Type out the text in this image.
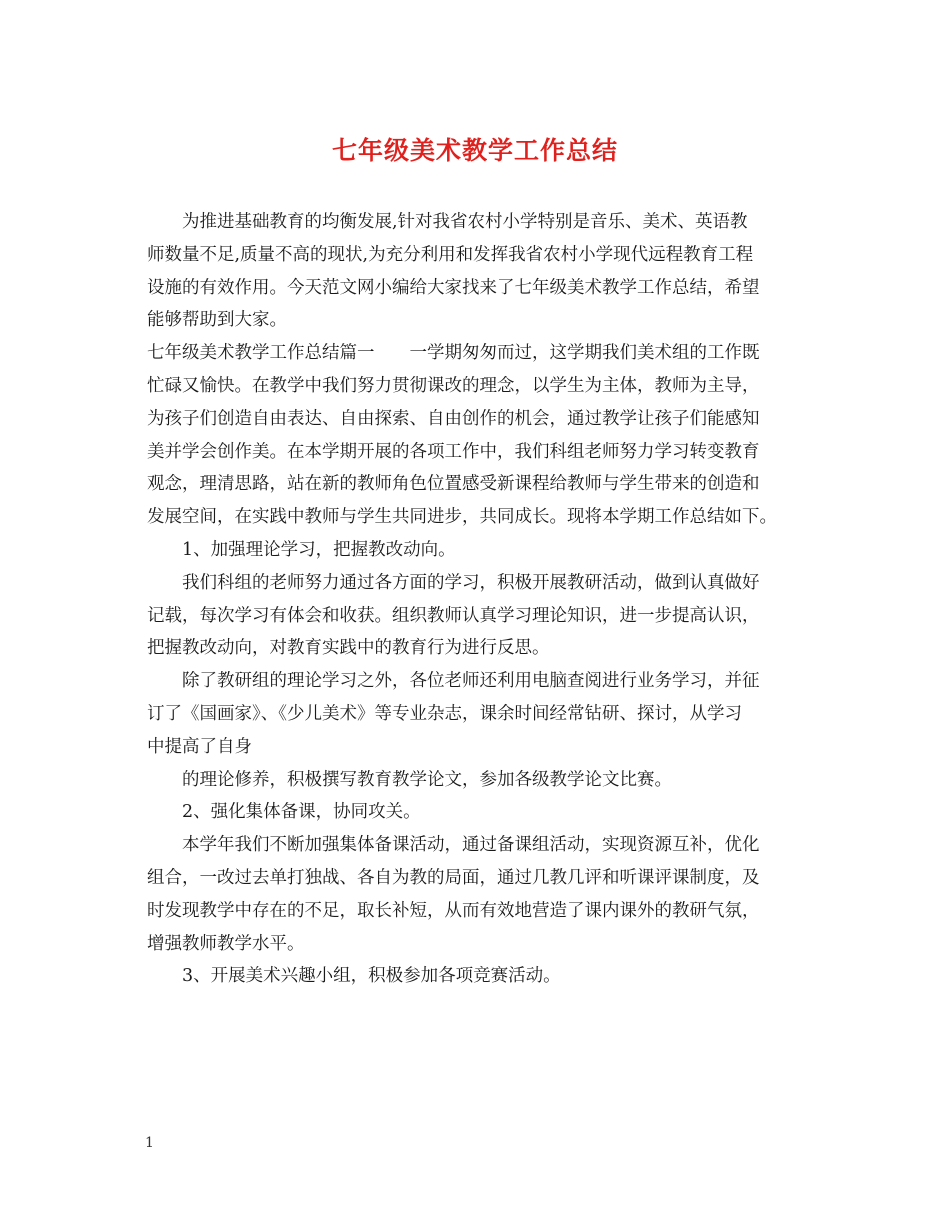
七年级美术教学工作总结

为推进基础教育的均衡发展,针对我省农村小学特别是音乐、美术、英语教
师数量不足,质量不高的现状,为充分利用和发挥我省农村小学现代远程教育工程
设施的有效作用。今天范文网小编给大家找来了七年级美术教学工作总结，希望
能够帮助到大家。

七年级美术教学工作总结篇一　　一学期匆匆而过，这学期我们美术组的工作既
忙碌又愉快。在教学中我们努力贯彻课改的理念，以学生为主体，教师为主导，
为孩子们创造自由表达、自由探索、自由创作的机会，通过教学让孩子们能感知
美并学会创作美。在本学期开展的各项工作中，我们科组老师努力学习转变教育
观念，理清思路，站在新的教师角色位置感受新课程给教师与学生带来的创造和
发展空间，在实践中教师与学生共同进步，共同成长。现将本学期工作总结如下。

1、加强理论学习，把握教改动向。

我们科组的老师努力通过各方面的学习，积极开展教研活动，做到认真做好
记载，每次学习有体会和收获。组织教师认真学习理论知识，进一步提高认识，
把握教改动向，对教育实践中的教育行为进行反思。

除了教研组的理论学习之外，各位老师还利用电脑查阅进行业务学习，并征
订了《国画家》、《少儿美术》等专业杂志，课余时间经常钻研、探讨，从学习
中提高了自身

的理论修养，积极撰写教育教学论文，参加各级教学论文比赛。

2、强化集体备课，协同攻关。

本学年我们不断加强集体备课活动，通过备课组活动，实现资源互补，优化
组合，一改过去单打独战、各自为教的局面，通过几教几评和听课评课制度，及
时发现教学中存在的不足，取长补短，从而有效地营造了课内课外的教研气氛，
增强教师教学水平。

3、开展美术兴趣小组，积极参加各项竞赛活动。

1
